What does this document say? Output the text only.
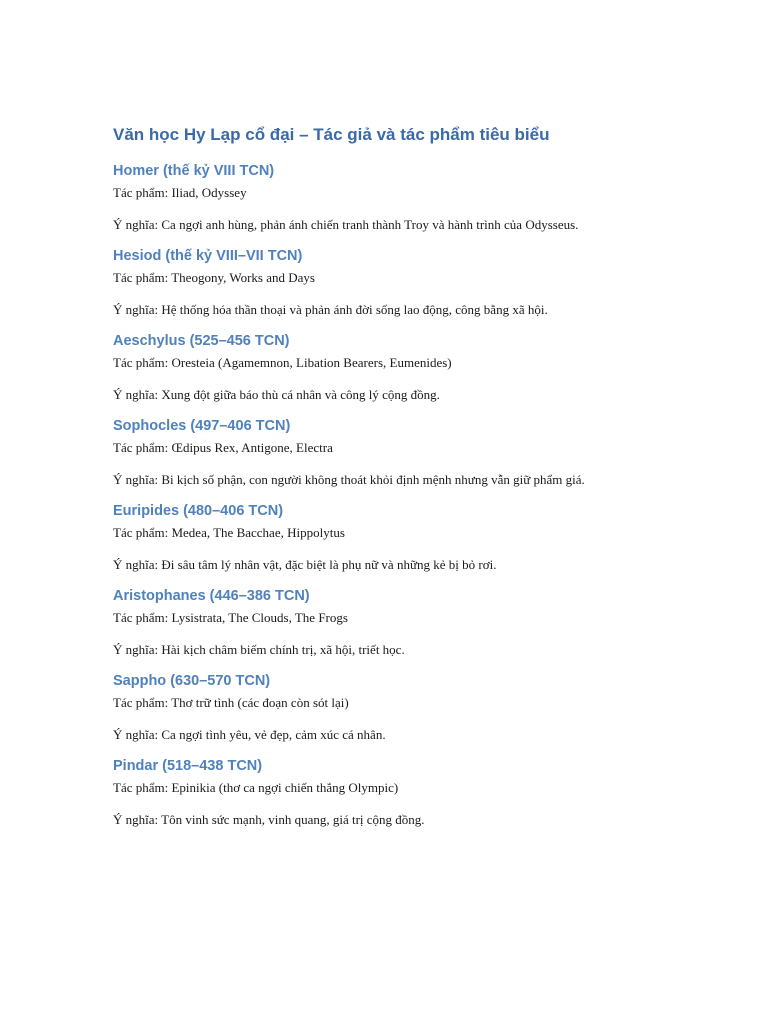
Văn học Hy Lạp cổ đại – Tác giả và tác phẩm tiêu biểu
Homer (thế kỷ VIII TCN)

Tác phẩm: Iliad, Odyssey

Ý nghĩa: Ca ngợi anh hùng, phản ánh chiến tranh thành Troy và hành trình của Odysseus.

Hesiod (thế kỷ VIII–VII TCN)

Tác phẩm: Theogony, Works and Days

Ý nghĩa: Hệ thống hóa thần thoại và phản ánh đời sống lao động, công bằng xã hội.

Aeschylus (525–456 TCN)

Tác phẩm: Oresteia (Agamemnon, Libation Bearers, Eumenides)

Ý nghĩa: Xung đột giữa báo thù cá nhân và công lý cộng đồng.

Sophocles (497–406 TCN)

Tác phẩm: Œdipus Rex, Antigone, Electra

Ý nghĩa: Bi kịch số phận, con người không thoát khỏi định mệnh nhưng vẫn giữ phẩm giá.

Euripides (480–406 TCN)

Tác phẩm: Medea, The Bacchae, Hippolytus

Ý nghĩa: Đi sâu tâm lý nhân vật, đặc biệt là phụ nữ và những kẻ bị bỏ rơi.

Aristophanes (446–386 TCN)

Tác phẩm: Lysistrata, The Clouds, The Frogs

Ý nghĩa: Hài kịch châm biếm chính trị, xã hội, triết học.

Sappho (630–570 TCN)

Tác phẩm: Thơ trữ tình (các đoạn còn sót lại)

Ý nghĩa: Ca ngợi tình yêu, vẻ đẹp, cảm xúc cá nhân.

Pindar (518–438 TCN)

Tác phẩm: Epinikia (thơ ca ngợi chiến thắng Olympic)

Ý nghĩa: Tôn vinh sức mạnh, vinh quang, giá trị cộng đồng.
